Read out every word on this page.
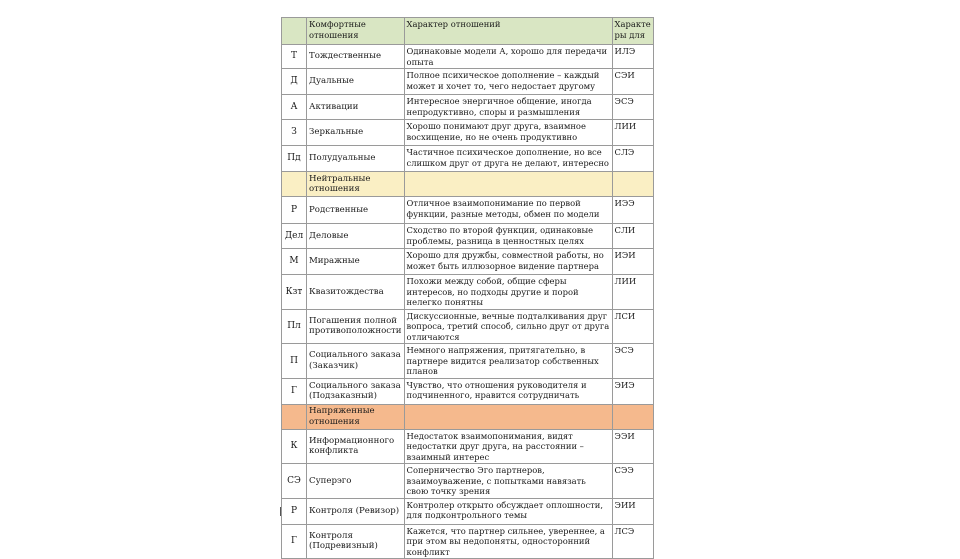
	Комфортные отношения	Характер отношений	Характе ры для
Т	Тождественные	Одинаковые модели А, хорошо для передачи опыта	ИЛЭ
Д	Дуальные	Полное психическое дополнение – каждый может и хочет то, чего недостает другому	СЭИ
А	Активации	Интересное энергичное общение, иногда непродуктивно, споры и размышления	ЭСЭ
З	Зеркальные	Хорошо понимают друг друга, взаимное восхищение, но не очень продуктивно	ЛИИ
Пд	Полудуальные	Частичное психическое дополнение, но все слишком друг от друга не делают, интересно	СЛЭ
	Нейтральные отношения		
Р	Родственные	Отличное взаимопонимание по первой функции, разные методы, обмен по модели	ИЭЭ
Дел	Деловые	Сходство по второй функции, одинаковые проблемы, разница в ценностных целях	СЛИ
М	Миражные	Хорошо для дружбы, совместной работы, но может быть иллюзорное видение партнера	ИЭИ
Кзт	Квазитождества	Похожи между собой, общие сферы интересов, но подходы другие и порой нелегко понятны	ЛИИ
Пл	Погашения полной противоположности	Дискуссионные, вечные подталкивания друг вопроса, третий способ, сильно друг от друга отличаются	ЛСИ
П	Социального заказа (Заказчик)	Немного напряжения, притягательно, в партнере видится реализатор собственных планов	ЭСЭ
Г	Социального заказа (Подзаказный)	Чувство, что отношения руководителя и подчиненного, нравится сотрудничать	ЭИЭ
	Напряженные отношения		
К	Информационного конфликта	Недостаток взаимопонимания, видят недостатки друг друга, на расстоянии – взаимный интерес	ЭЭИ
СЭ	Суперэго	Соперничество Эго партнеров, взаимоуважение, с попытками навязать свою точку зрения	СЭЭ
Р	Контроля (Ревизор)	Контролер открыто обсуждает оплошности, для подконтрольного темы	ЭИИ
Г	Контроля (Подревизный)	Кажется, что партнер сильнее, увереннее, а при этом вы недопоняты, односторонний конфликт	ЛСЭ
